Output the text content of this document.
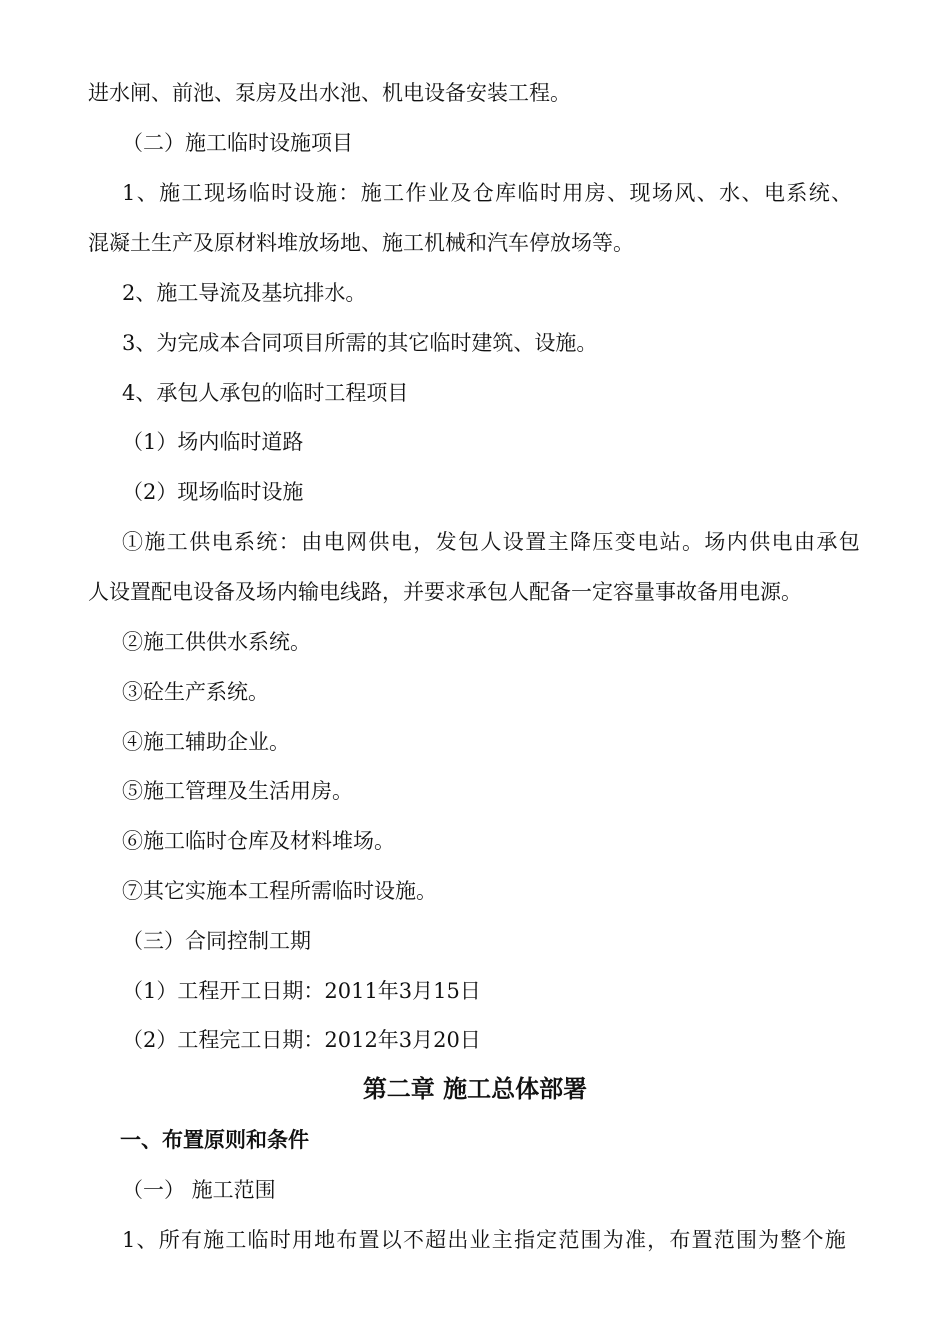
进水闸、前池、泵房及出水池、机电设备安装工程。
（二）施工临时设施项目
1、施工现场临时设施：施工作业及仓库临时用房、现场风、水、电系统、
混凝土生产及原材料堆放场地、施工机械和汽车停放场等。
2、施工导流及基坑排水。
3、为完成本合同项目所需的其它临时建筑、设施。
4、承包人承包的临时工程项目
（1）场内临时道路
（2）现场临时设施
①施工供电系统：由电网供电，发包人设置主降压变电站。场内供电由承包
人设置配电设备及场内输电线路，并要求承包人配备一定容量事故备用电源。
②施工供供水系统。
③砼生产系统。
④施工辅助企业。
⑤施工管理及生活用房。
⑥施工临时仓库及材料堆场。
⑦其它实施本工程所需临时设施。
（三）合同控制工期
（1）工程开工日期：2011年3月15日
（2）工程完工日期：2012年3月20日
第二章 施工总体部署
一、布置原则和条件
（一） 施工范围
1、所有施工临时用地布置以不超出业主指定范围为准，布置范围为整个施
